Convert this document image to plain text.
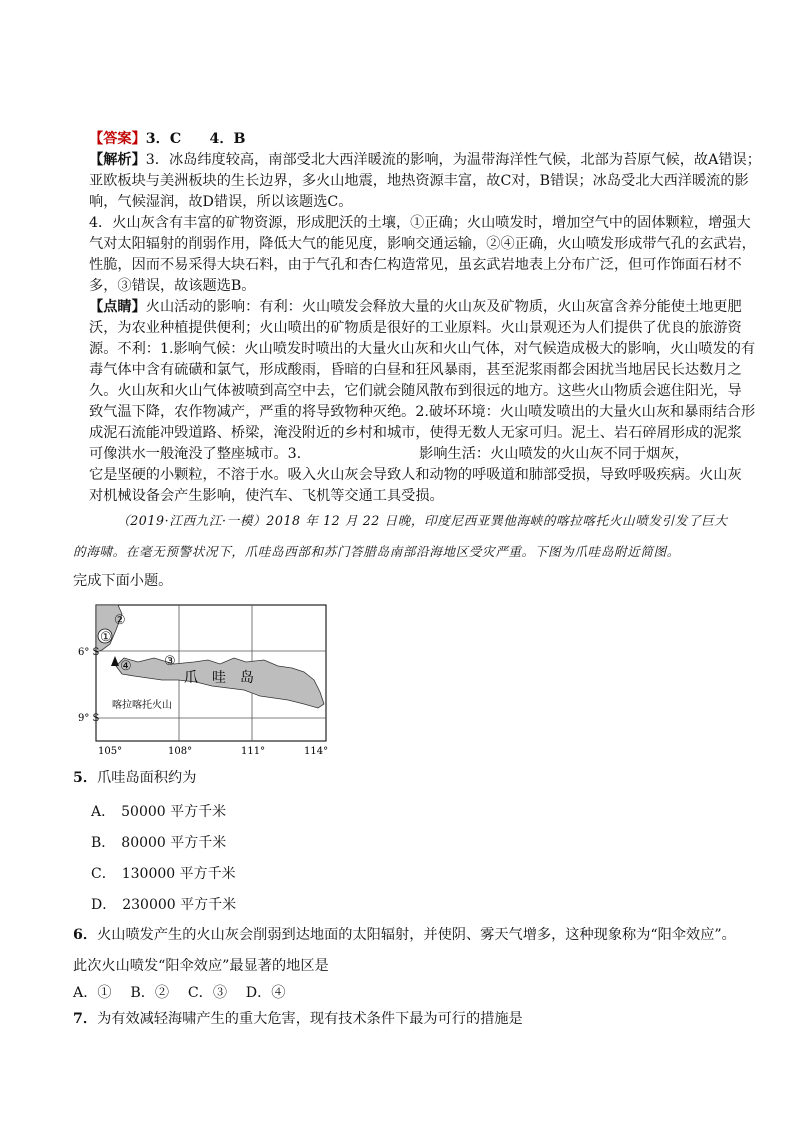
【答案】3．C　　4．B
【解析】3．冰岛纬度较高，南部受北大西洋暖流的影响，为温带海洋性气候，北部为苔原气候，故A错误；
亚欧板块与美洲板块的生长边界，多火山地震，地热资源丰富，故C对，B错误；冰岛受北大西洋暖流的影
响，气候湿润，故D错误，所以该题选C。
4．火山灰含有丰富的矿物资源，形成肥沃的土壤，①正确；火山喷发时，增加空气中的固体颗粒，增强大
气对太阳辐射的削弱作用，降低大气的能见度，影响交通运输，②④正确，火山喷发形成带气孔的玄武岩，
性脆，因而不易采得大块石料，由于气孔和杏仁构造常见，虽玄武岩地表上分布广泛，但可作饰面石材不
多，③错误，故该题选B。
【点睛】火山活动的影响：有利：火山喷发会释放大量的火山灰及矿物质，火山灰富含养分能使土地更肥
沃，为农业种植提供便利；火山喷出的矿物质是很好的工业原料。火山景观还为人们提供了优良的旅游资
源。不利：1.影响气候：火山喷发时喷出的大量火山灰和火山气体，对气候造成极大的影响，火山喷发的有
毒气体中含有硫磺和氯气，形成酸雨，昏暗的白昼和狂风暴雨，甚至泥浆雨都会困扰当地居民长达数月之
久。火山灰和火山气体被喷到高空中去，它们就会随风散布到很远的地方。这些火山物质会遮住阳光，导
致气温下降，农作物减产，严重的将导致物种灭绝。2.破坏环境：火山喷发喷出的大量火山灰和暴雨结合形
成泥石流能冲毁道路、桥梁，淹没附近的乡村和城市，使得无数人无家可归。泥土、岩石碎屑形成的泥浆
可像洪水一般淹没了整座城市。3.	影响生活：火山喷发的火山灰不同于烟灰，
它是坚硬的小颗粒，不溶于水。吸入火山灰会导致人和动物的呼吸道和肺部受损，导致呼吸疾病。火山灰
对机械设备会产生影响，使汽车、飞机等交通工具受损。
（2019·江西九江·一模）2018 年 12 月 22 日晚，印度尼西亚巽他海峡的喀拉喀托火山喷发引发了巨大
的海啸。在毫无预警状况下，爪哇岛西部和苏门答腊岛南部沿海地区受灾严重。下图为爪哇岛附近简图。
完成下面小题。
①
②
③
④
爪　哇　岛
喀拉喀托火山
6° S
9° S
105°	108°	111°	114°
5．爪哇岛面积约为
A． 50000 平方千米
B． 80000 平方千米
C． 130000 平方千米
D． 230000 平方千米
6．火山喷发产生的火山灰会削弱到达地面的太阳辐射，并使阴、雾天气增多，这种现象称为“阳伞效应”。
此次火山喷发“阳伞效应”最显著的地区是
A．①　 B．②　 C．③　 D．④
7．为有效减轻海啸产生的重大危害，现有技术条件下最为可行的措施是
